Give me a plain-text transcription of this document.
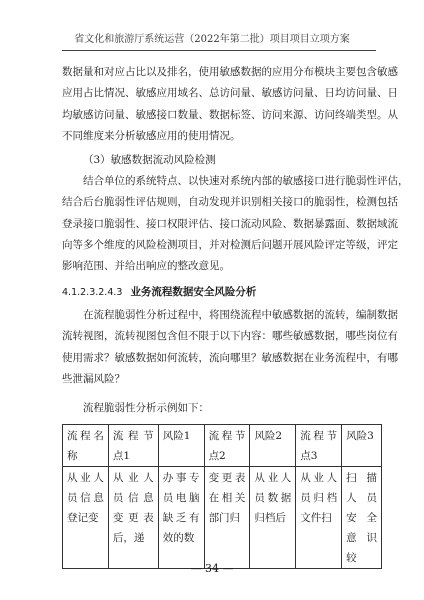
省文化和旅游厅系统运营（2022年第二批）项目项目立项方案

数据量和对应占比以及排名，使用敏感数据的应用分布模块主要包含敏感
应用占比情况、敏感应用域名、总访问量、敏感访问量、日均访问量、日
均敏感访问量、敏感接口数量、数据标签、访问来源、访问终端类型。从
不同维度来分析敏感应用的使用情况。

（3）敏感数据流动风险检测

结合单位的系统特点、以快速对系统内部的敏感接口进行脆弱性评估，
结合后台脆弱性评估规则，自动发现并识别相关接口的脆弱性，检测包括
登录接口脆弱性、接口权限评估、接口流动风险、数据暴露面、数据域流
向等多个维度的风险检测项目，并对检测后问题开展风险评定等级，评定
影响范围、并给出响应的整改意见。

4.1.2.3.2.4.3 业务流程数据安全风险分析

在流程脆弱性分析过程中，将围绕流程中敏感数据的流转，编制数据
流转视图，流转视图包含但不限于以下内容：哪些敏感数据，哪些岗位有
使用需求？敏感数据如何流转，流向哪里？敏感数据在业务流程中，有哪
些泄漏风险？

流程脆弱性分析示例如下：
流程名称	流程节点1	风险1	流程节点2	风险2	流程节点3	风险3
从业人员信息登记变	从业人员信息变更表后，递	办事专员电脑缺乏有效的数	变更表在相关部门归	从业人员数据归档后	从业人员归档文件扫	扫描人员安全意识较
— 34 —
